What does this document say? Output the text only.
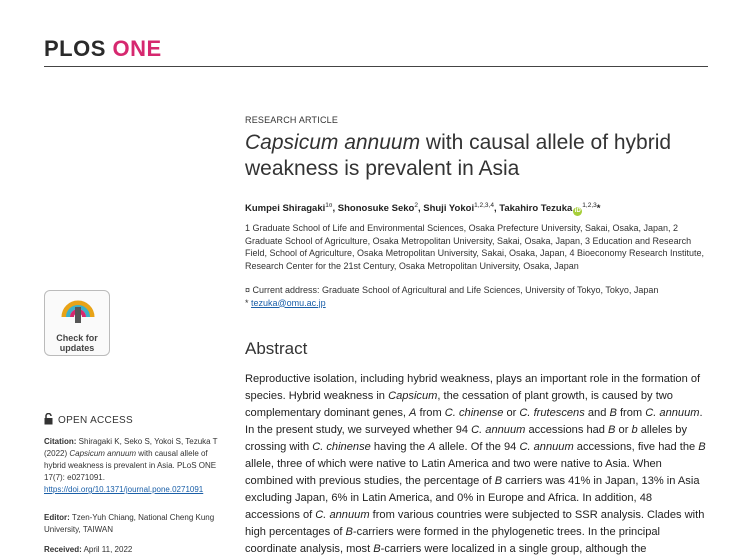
PLOS ONE
RESEARCH ARTICLE
Capsicum annuum with causal allele of hybrid weakness is prevalent in Asia
Kumpei Shiragaki$^{1¤}$, Shonosuke Seko$^2$, Shuji Yokoi$^{1,2,3,4}$, Takahiro Tezuka iD$^{1,2,3}$*
1 Graduate School of Life and Environmental Sciences, Osaka Prefecture University, Sakai, Osaka, Japan, 2 Graduate School of Agriculture, Osaka Metropolitan University, Sakai, Osaka, Japan, 3 Education and Research Field, School of Agriculture, Osaka Metropolitan University, Sakai, Osaka, Japan, 4 Bioeconomy Research Institute, Research Center for the 21st Century, Osaka Metropolitan University, Osaka, Japan
¤ Current address: Graduate School of Agricultural and Life Sciences, University of Tokyo, Tokyo, Japan
* tezuka@omu.ac.jp
Check for
updates
OPEN ACCESS
Citation: Shiragaki K, Seko S, Yokoi S, Tezuka T (2022) Capsicum annuum with causal allele of hybrid weakness is prevalent in Asia. PLoS ONE 17(7): e0271091. https://doi.org/10.1371/journal.pone.0271091
Editor: Tzen-Yuh Chiang, National Cheng Kung University, TAIWAN
Received: April 11, 2022
Abstract
Reproductive isolation, including hybrid weakness, plays an important role in the formation of species. Hybrid weakness in Capsicum, the cessation of plant growth, is caused by two complementary dominant genes, A from C. chinense or C. frutescens and B from C. annuum. In the present study, we surveyed whether 94 C. annuum accessions had B or b alleles by crossing with C. chinense having the A allele. Of the 94 C. annuum accessions, five had the B allele, three of which were native to Latin America and two were native to Asia. When combined with previous studies, the percentage of B carriers was 41% in Japan, 13% in Asia excluding Japan, 6% in Latin America, and 0% in Europe and Africa. In addition, 48 accessions of C. annuum from various countries were subjected to SSR analysis. Clades with high percentages of B-carriers were formed in the phylogenetic trees. In the principal coordinate analysis, most B-carriers were localized in a single group, although the
